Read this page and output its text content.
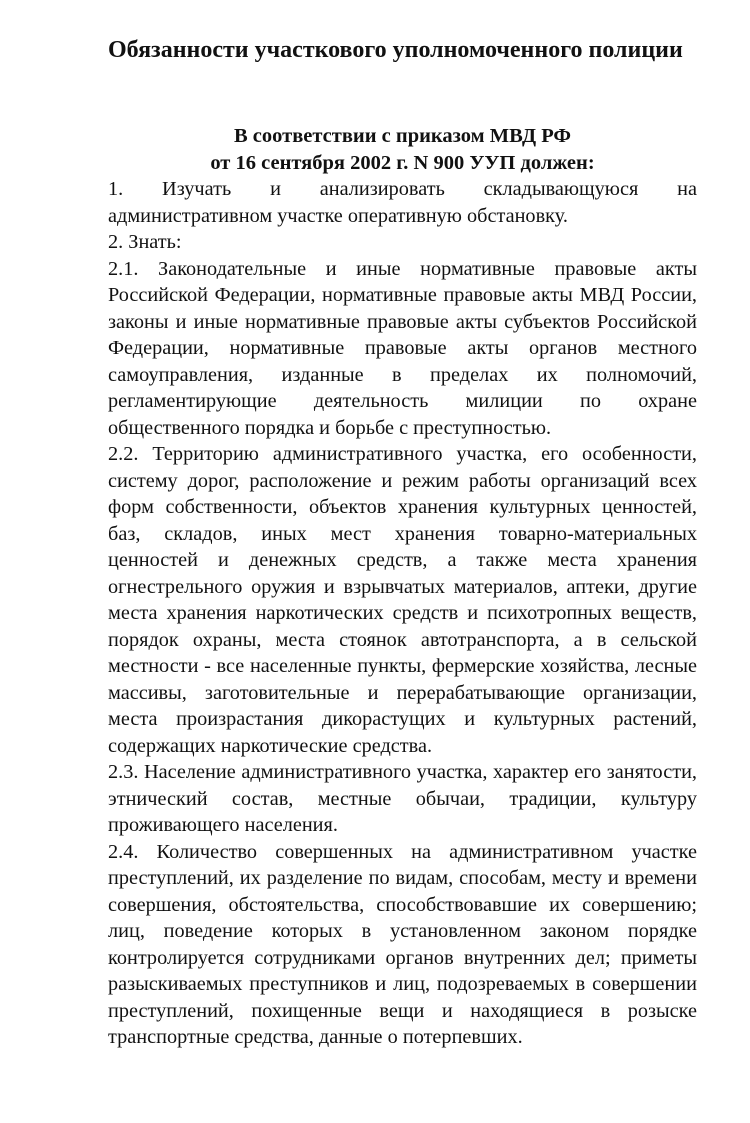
Обязанности участкового уполномоченного полиции
В соответствии с приказом МВД РФ
от 16 сентября 2002 г. N 900 УУП должен:

1. Изучать и анализировать складывающуюся на административном участке оперативную обстановку.

2. Знать:

2.1. Законодательные и иные нормативные правовые акты Российской Федерации, нормативные правовые акты МВД России, законы и иные нормативные правовые акты субъектов Российской Федерации, нормативные правовые акты органов местного самоуправления, изданные в пределах их полномочий, регламентирующие деятельность милиции по охране общественного порядка и борьбе с преступностью.

2.2. Территорию административного участка, его особенности, систему дорог, расположение и режим работы организаций всех форм собственности, объектов хранения культурных ценностей, баз, складов, иных мест хранения товарно-материальных ценностей и денежных средств, а также места хранения огнестрельного оружия и взрывчатых материалов, аптеки, другие места хранения наркотических средств и психотропных веществ, порядок охраны, места стоянок автотранспорта, а в сельской местности - все населенные пункты, фермерские хозяйства, лесные массивы, заготовительные и перерабатывающие организации, места произрастания дикорастущих и культурных растений, содержащих наркотические средства.

2.3. Население административного участка, характер его занятости, этнический состав, местные обычаи, традиции, культуру проживающего населения.

2.4. Количество совершенных на административном участке преступлений, их разделение по видам, способам, месту и времени совершения, обстоятельства, способствовавшие их совершению; лиц, поведение которых в установленном законом порядке контролируется сотрудниками органов внутренних дел; приметы разыскиваемых преступников и лиц, подозреваемых в совершении преступлений, похищенные вещи и находящиеся в розыске транспортные средства, данные о потерпевших.
